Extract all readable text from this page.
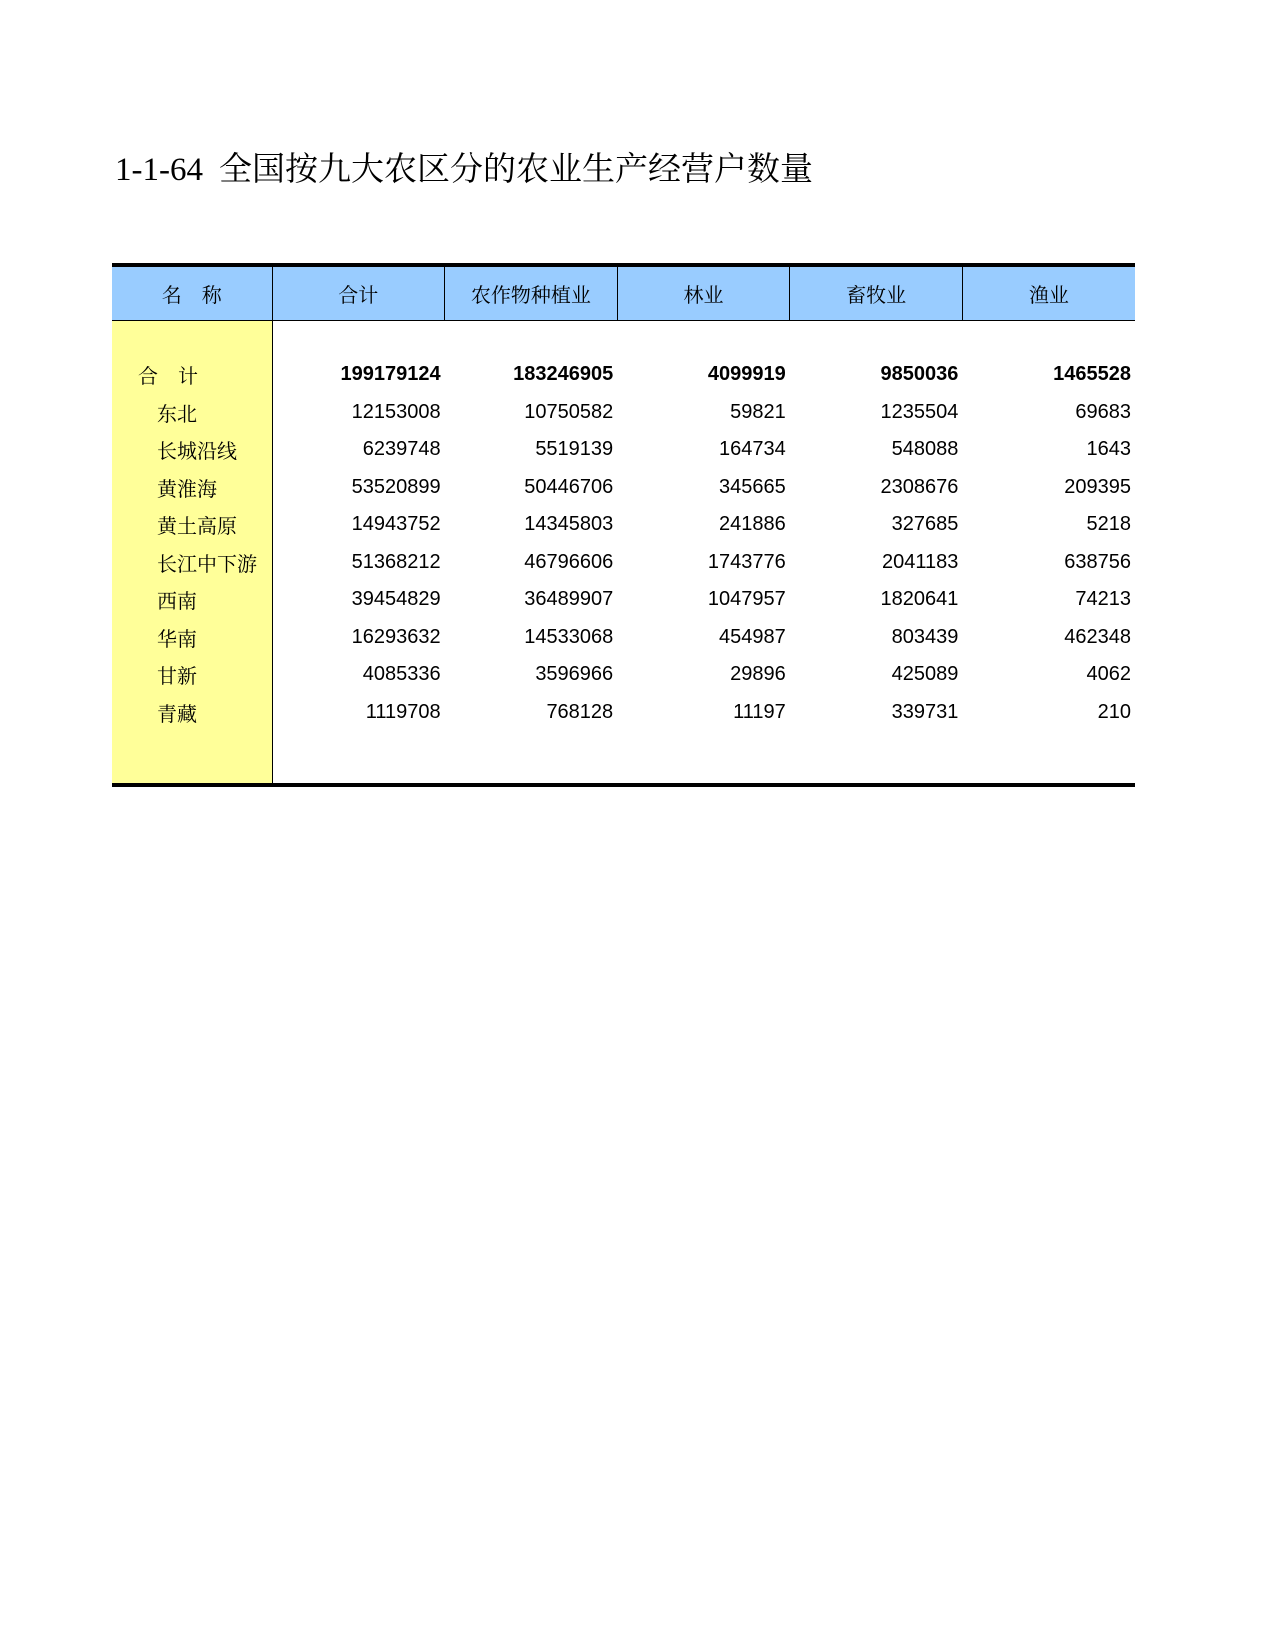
1-1-64 全国按九大农区分的农业生产经营户数量
名　称	合计	农作物种植业	林业	畜牧业	渔业

合　计	199179124	183246905	4099919	9850036	1465528
东北	12153008	10750582	59821	1235504	69683
长城沿线	6239748	5519139	164734	548088	1643
黄淮海	53520899	50446706	345665	2308676	209395
黄土高原	14943752	14345803	241886	327685	5218
长江中下游	51368212	46796606	1743776	2041183	638756
西南	39454829	36489907	1047957	1820641	74213
华南	16293632	14533068	454987	803439	462348
甘新	4085336	3596966	29896	425089	4062
青藏	1119708	768128	11197	339731	210
